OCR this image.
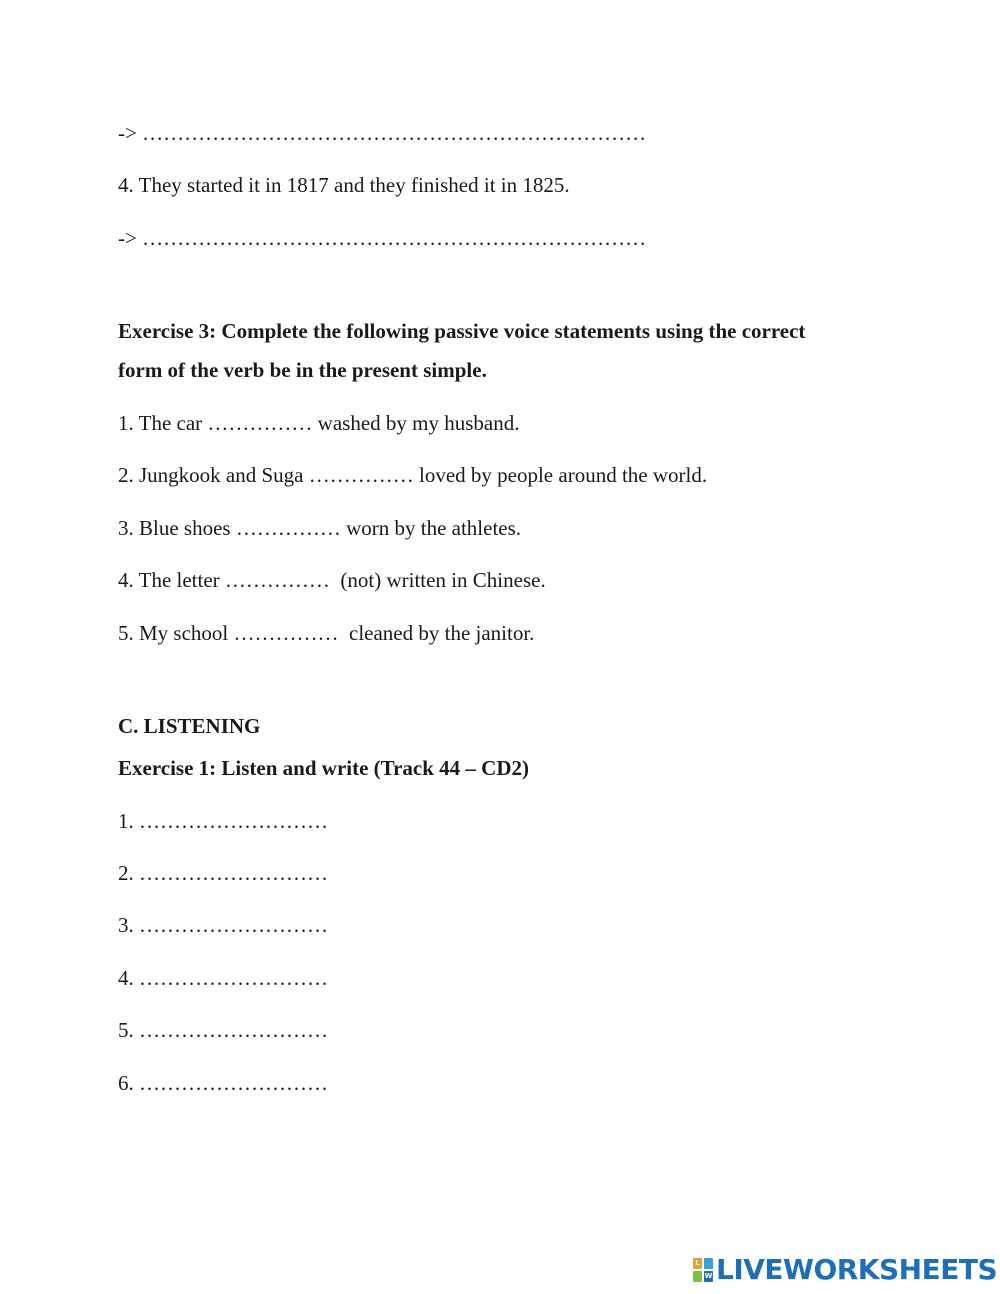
-> ………………………………………………………………
4. They started it in 1817 and they finished it in 1825.
-> ………………………………………………………………
Exercise 3: Complete the following passive voice statements using the correct
form of the verb be in the present simple.
1. The car …………… washed by my husband.
2. Jungkook and Suga …………… loved by people around the world.
3. Blue shoes …………… worn by the athletes.
4. The letter ……………  (not) written in Chinese.
5. My school ……………  cleaned by the janitor.
C. LISTENING
Exercise 1: Listen and write (Track 44 – CD2)
1. ………………………
2. ………………………
3. ………………………
4. ………………………
5. ………………………
6. ………………………
L
W LIVEWORKSHEETS
